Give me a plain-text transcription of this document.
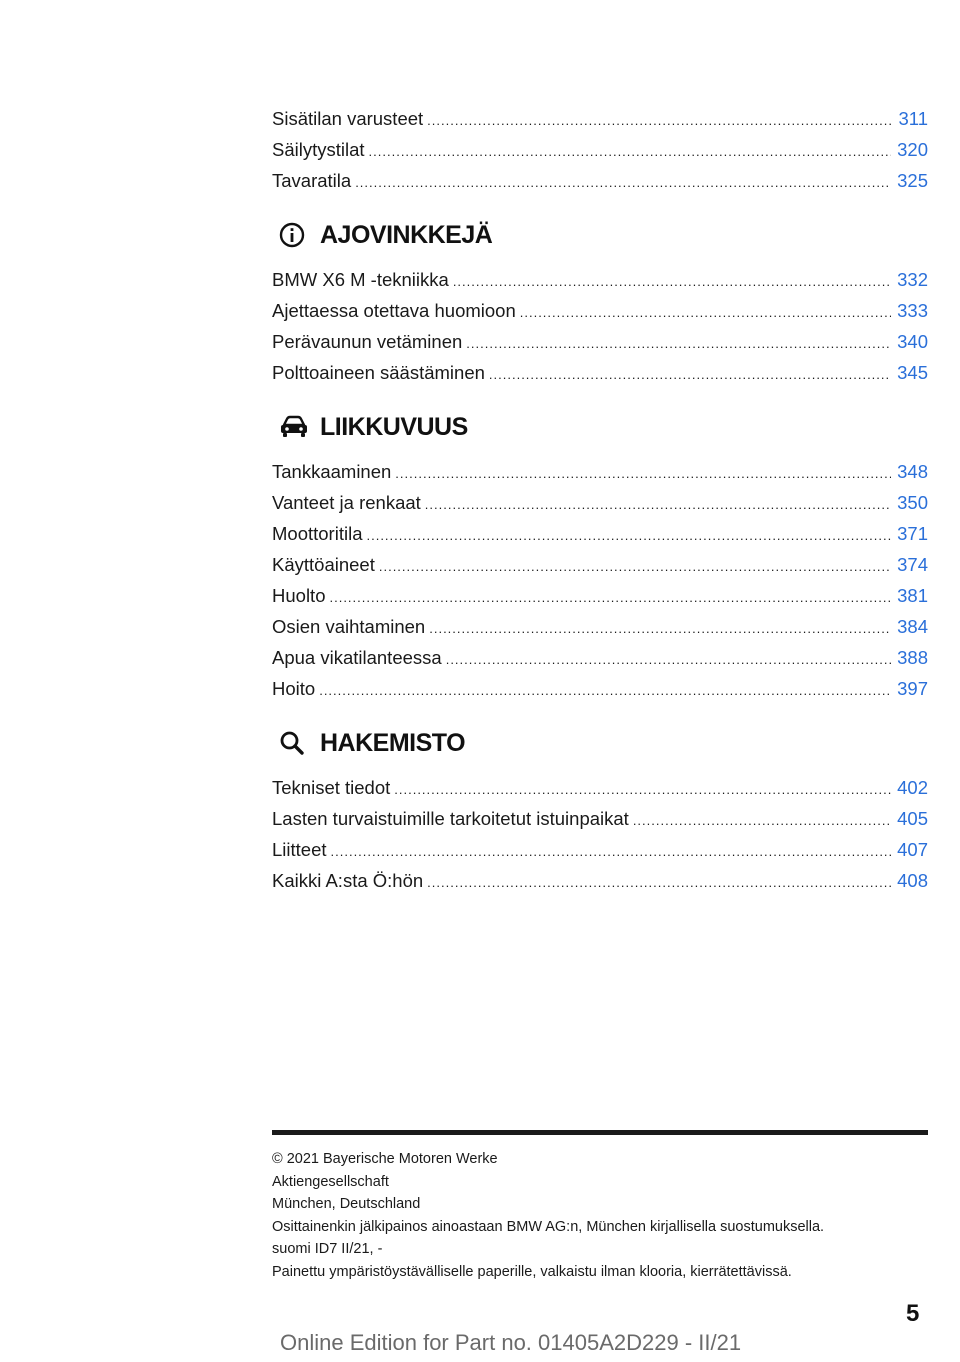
Sisätilan varusteet .....	311
Säilytystilat .....	320
Tavaratila .....	325
AJOVINKKEJÄ
BMW X6 M -tekniikka .....	332
Ajettaessa otettava huomioon .....	333
Perävaunun vetäminen .....	340
Polttoaineen säästäminen .....	345
LIIKKUVUUS
Tankkaaminen .....	348
Vanteet ja renkaat .....	350
Moottoritila .....	371
Käyttöaineet .....	374
Huolto .....	381
Osien vaihtaminen .....	384
Apua vikatilanteessa .....	388
Hoito .....	397
HAKEMISTO
Tekniset tiedot .....	402
Lasten turvaistuimille tarkoitetut istuinpaikat .....	405
Liitteet .....	407
Kaikki A:sta Ö:hön .....	408
© 2021 Bayerische Motoren Werke
Aktiengesellschaft
München, Deutschland
Osittainenkin jälkipainos ainoastaan BMW AG:n, München kirjallisella suostumuksella.
suomi ID7 II/21, -
Painettu ympäristöystävälliselle paperille, valkaistu ilman klooria, kierrätettävissä.
5
Online Edition for Part no. 01405A2D229 - II/21
